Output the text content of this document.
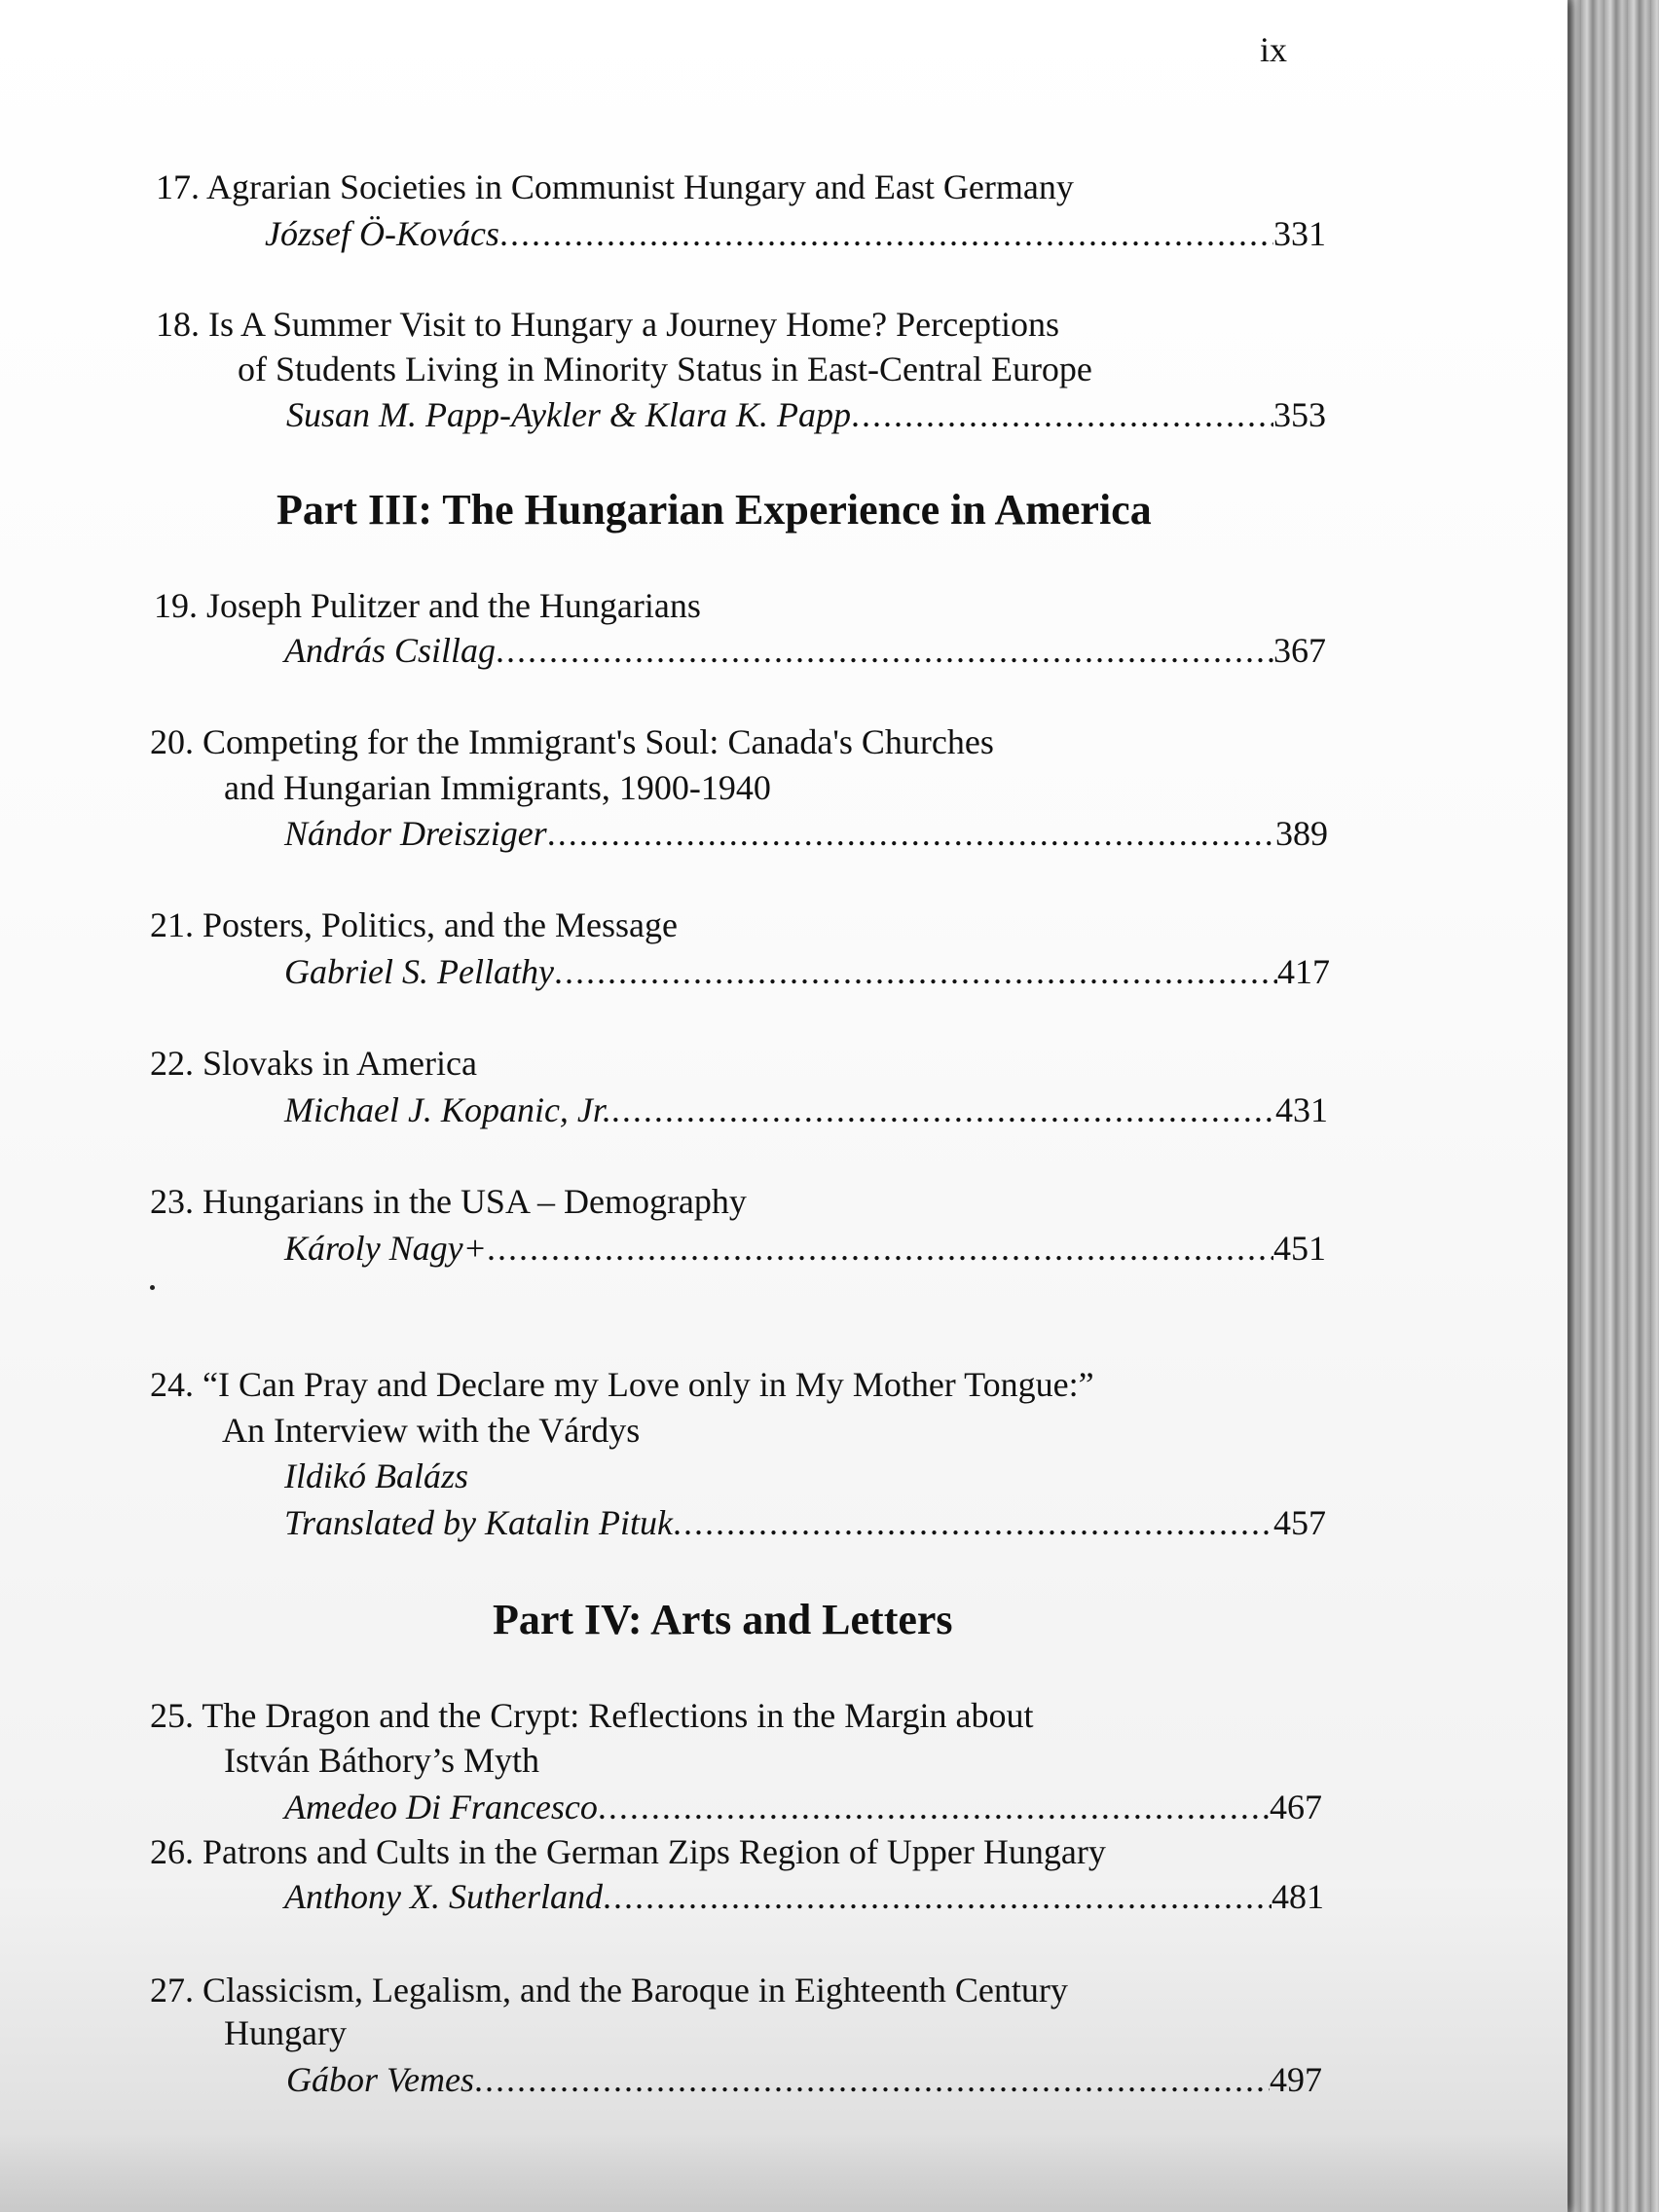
ix
17. Agrarian Societies in Communist Hungary and East Germany
József Ö-Kovács .....	331
18. Is A Summer Visit to Hungary a Journey Home? Perceptions
of Students Living in Minority Status in East-Central Europe
Susan M. Papp-Aykler & Klara K. Papp .....	353
Part III: The Hungarian Experience in America
19. Joseph Pulitzer and the Hungarians
András Csillag .....	367
20. Competing for the Immigrant's Soul: Canada's Churches
and Hungarian Immigrants, 1900-1940
Nándor Dreisziger .....	389
21. Posters, Politics, and the Message
Gabriel S. Pellathy .....	417
22. Slovaks in America
Michael J. Kopanic, Jr. .....	431
23. Hungarians in the USA – Demography
Károly Nagy+ .....	451
24. “I Can Pray and Declare my Love only in My Mother Tongue:”
An Interview with the Várdys
Ildikó Balázs
Translated by Katalin Pituk .....	457
Part IV: Arts and Letters
25. The Dragon and the Crypt: Reflections in the Margin about
István Báthory’s Myth
Amedeo Di Francesco .....	467
26. Patrons and Cults in the German Zips Region of Upper Hungary
Anthony X. Sutherland .....	481
27. Classicism, Legalism, and the Baroque in Eighteenth Century
Hungary
Gábor Vemes .....	497
